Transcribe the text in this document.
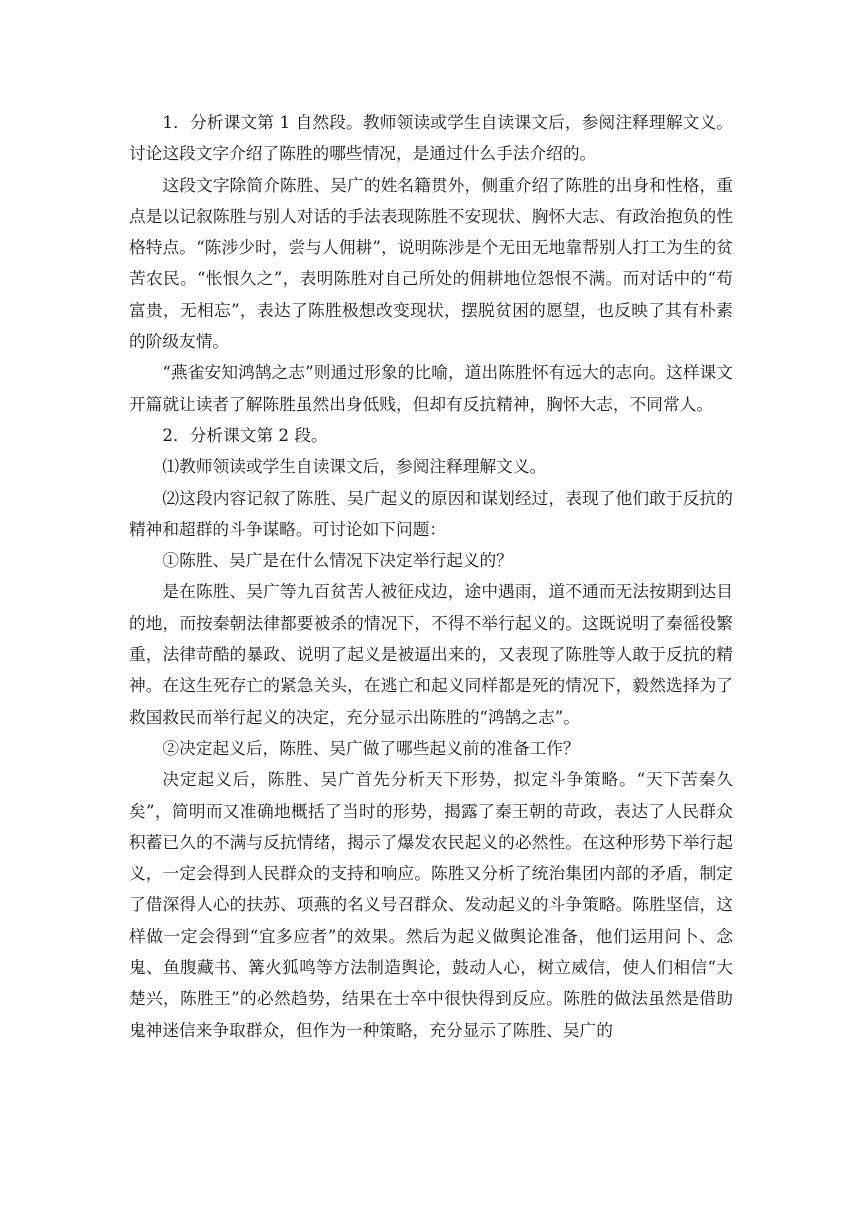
1．分析课文第 1 自然段。教师领读或学生自读课文后，参阅注释理解文义。讨论这段文字介绍了陈胜的哪些情况，是通过什么手法介绍的。

这段文字除简介陈胜、吴广的姓名籍贯外，侧重介绍了陈胜的出身和性格，重点是以记叙陈胜与别人对话的手法表现陈胜不安现状、胸怀大志、有政治抱负的性格特点。“陈涉少时，尝与人佣耕”，说明陈涉是个无田无地靠帮别人打工为生的贫苦农民。“怅恨久之”，表明陈胜对自己所处的佣耕地位怨恨不满。而对话中的“苟富贵，无相忘”，表达了陈胜极想改变现状，摆脱贫困的愿望，也反映了其有朴素的阶级友情。

“燕雀安知鸿鹄之志”则通过形象的比喻，道出陈胜怀有远大的志向。这样课文开篇就让读者了解陈胜虽然出身低贱，但却有反抗精神，胸怀大志，不同常人。

2．分析课文第 2 段。

⑴教师领读或学生自读课文后，参阅注释理解文义。

⑵这段内容记叙了陈胜、吴广起义的原因和谋划经过，表现了他们敢于反抗的精神和超群的斗争谋略。可讨论如下问题：

①陈胜、吴广是在什么情况下决定举行起义的？

是在陈胜、吴广等九百贫苦人被征戍边，途中遇雨，道不通而无法按期到达目的地，而按秦朝法律都要被杀的情况下，不得不举行起义的。这既说明了秦徭役繁重，法律苛酷的暴政、说明了起义是被逼出来的，又表现了陈胜等人敢于反抗的精神。在这生死存亡的紧急关头，在逃亡和起义同样都是死的情况下，毅然选择为了救国救民而举行起义的决定，充分显示出陈胜的“鸿鹄之志”。

②决定起义后，陈胜、吴广做了哪些起义前的准备工作？

决定起义后，陈胜、吴广首先分析天下形势，拟定斗争策略。“天下苦秦久矣”，简明而又准确地概括了当时的形势，揭露了秦王朝的苛政，表达了人民群众积蓄已久的不满与反抗情绪，揭示了爆发农民起义的必然性。在这种形势下举行起义，一定会得到人民群众的支持和响应。陈胜又分析了统治集团内部的矛盾，制定了借深得人心的扶苏、项燕的名义号召群众、发动起义的斗争策略。陈胜坚信，这样做一定会得到“宜多应者”的效果。然后为起义做舆论准备，他们运用问卜、念鬼、鱼腹藏书、篝火狐鸣等方法制造舆论，鼓动人心，树立威信，使人们相信“大楚兴，陈胜王”的必然趋势，结果在士卒中很快得到反应。陈胜的做法虽然是借助鬼神迷信来争取群众，但作为一种策略，充分显示了陈胜、吴广的
